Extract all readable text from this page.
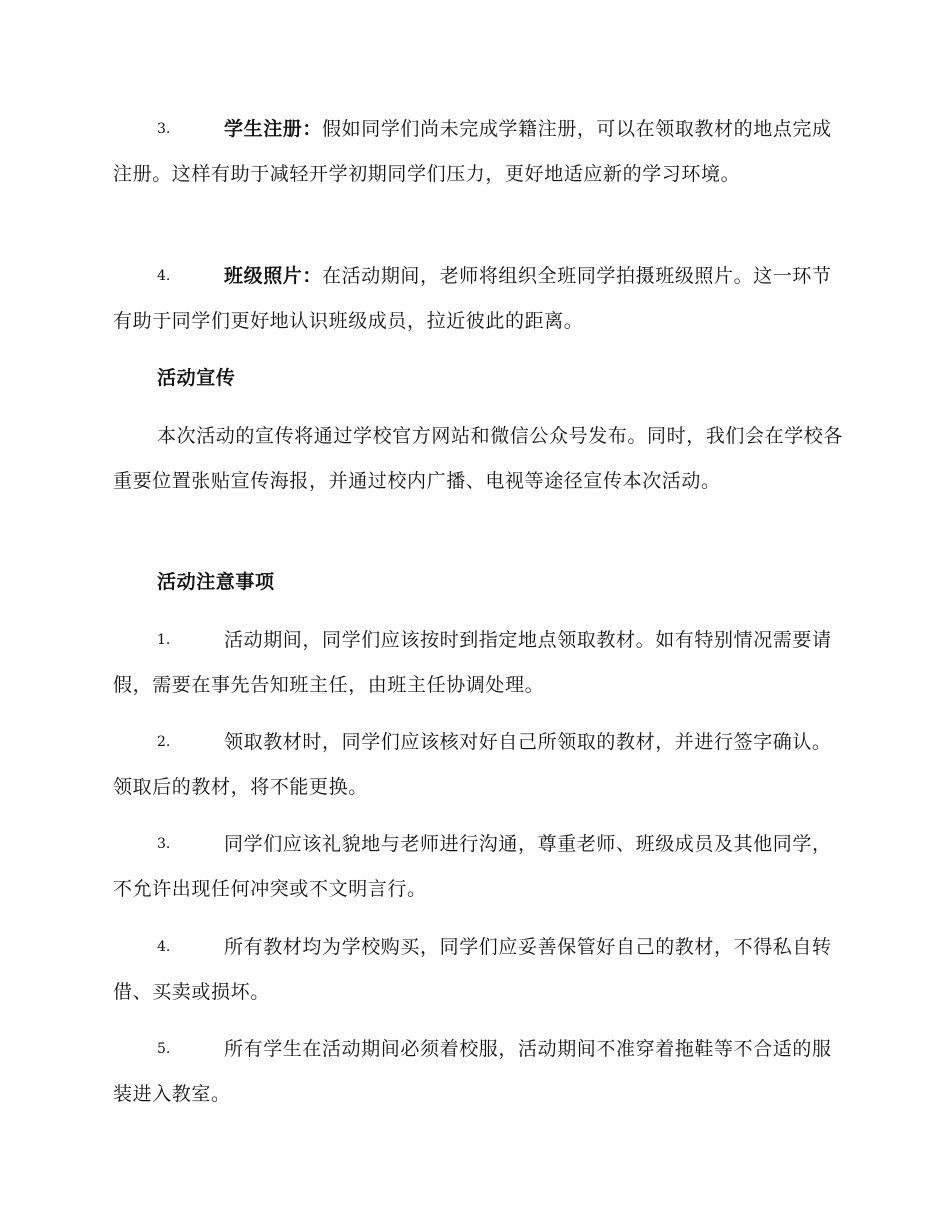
3.	学生注册：假如同学们尚未完成学籍注册，可以在领取教材的地点完成注册。这样有助于减轻开学初期同学们压力，更好地适应新的学习环境。
4.	班级照片：在活动期间，老师将组织全班同学拍摄班级照片。这一环节有助于同学们更好地认识班级成员，拉近彼此的距离。
活动宣传
本次活动的宣传将通过学校官方网站和微信公众号发布。同时，我们会在学校各重要位置张贴宣传海报，并通过校内广播、电视等途径宣传本次活动。
活动注意事项
1.	活动期间，同学们应该按时到指定地点领取教材。如有特别情况需要请假，需要在事先告知班主任，由班主任协调处理。
2.	领取教材时，同学们应该核对好自己所领取的教材，并进行签字确认。领取后的教材，将不能更换。
3.	同学们应该礼貌地与老师进行沟通，尊重老师、班级成员及其他同学，不允许出现任何冲突或不文明言行。
4.	所有教材均为学校购买，同学们应妥善保管好自己的教材，不得私自转借、买卖或损坏。
5.	所有学生在活动期间必须着校服，活动期间不准穿着拖鞋等不合适的服装进入教室。
